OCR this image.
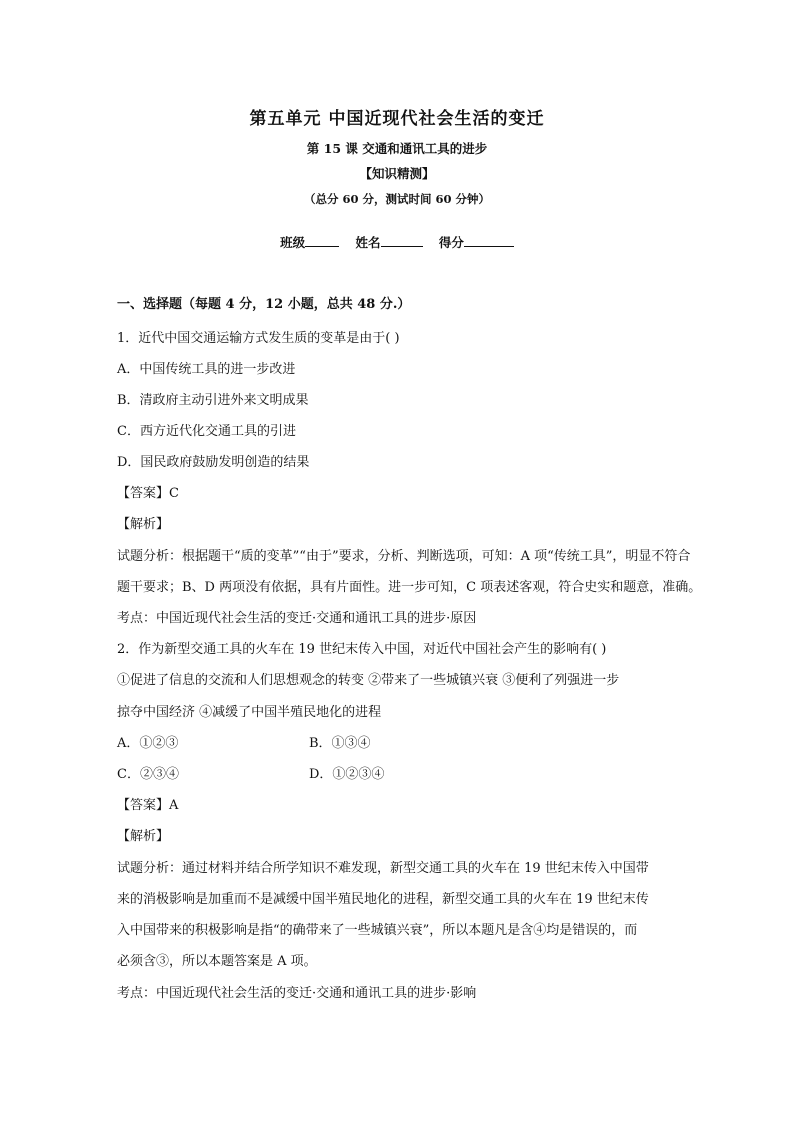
第五单元 中国近现代社会生活的变迁
第 15 课 交通和通讯工具的进步
【知识精测】
（总分 60 分，测试时间 60 分钟）
班级	姓名	得分
一、选择题（每题 4 分，12 小题，总共 48 分.）
1．近代中国交通运输方式发生质的变革是由于( )
A．中国传统工具的进一步改进
B．清政府主动引进外来文明成果
C．西方近代化交通工具的引进
D．国民政府鼓励发明创造的结果
【答案】C
【解析】
试题分析：根据题干“质的变革”“由于”要求，分析、判断选项，可知：A 项“传统工具”，明显不符合
题干要求；B、D 两项没有依据，具有片面性。进一步可知，C 项表述客观，符合史实和题意，准确。
考点：中国近现代社会生活的变迁·交通和通讯工具的进步·原因
2．作为新型交通工具的火车在 19 世纪末传入中国，对近代中国社会产生的影响有( )
①促进了信息的交流和人们思想观念的转变 ②带来了一些城镇兴衰 ③便利了列强进一步
掠夺中国经济 ④减缓了中国半殖民地化的进程
A．①②③	B．①③④
C．②③④	D．①②③④
【答案】A
【解析】
试题分析：通过材料并结合所学知识不难发现，新型交通工具的火车在 19 世纪末传入中国带
来的消极影响是加重而不是减缓中国半殖民地化的进程，新型交通工具的火车在 19 世纪末传
入中国带来的积极影响是指“的确带来了一些城镇兴衰”，所以本题凡是含④均是错误的，而
必须含③，所以本题答案是 A 项。
考点：中国近现代社会生活的变迁·交通和通讯工具的进步·影响
